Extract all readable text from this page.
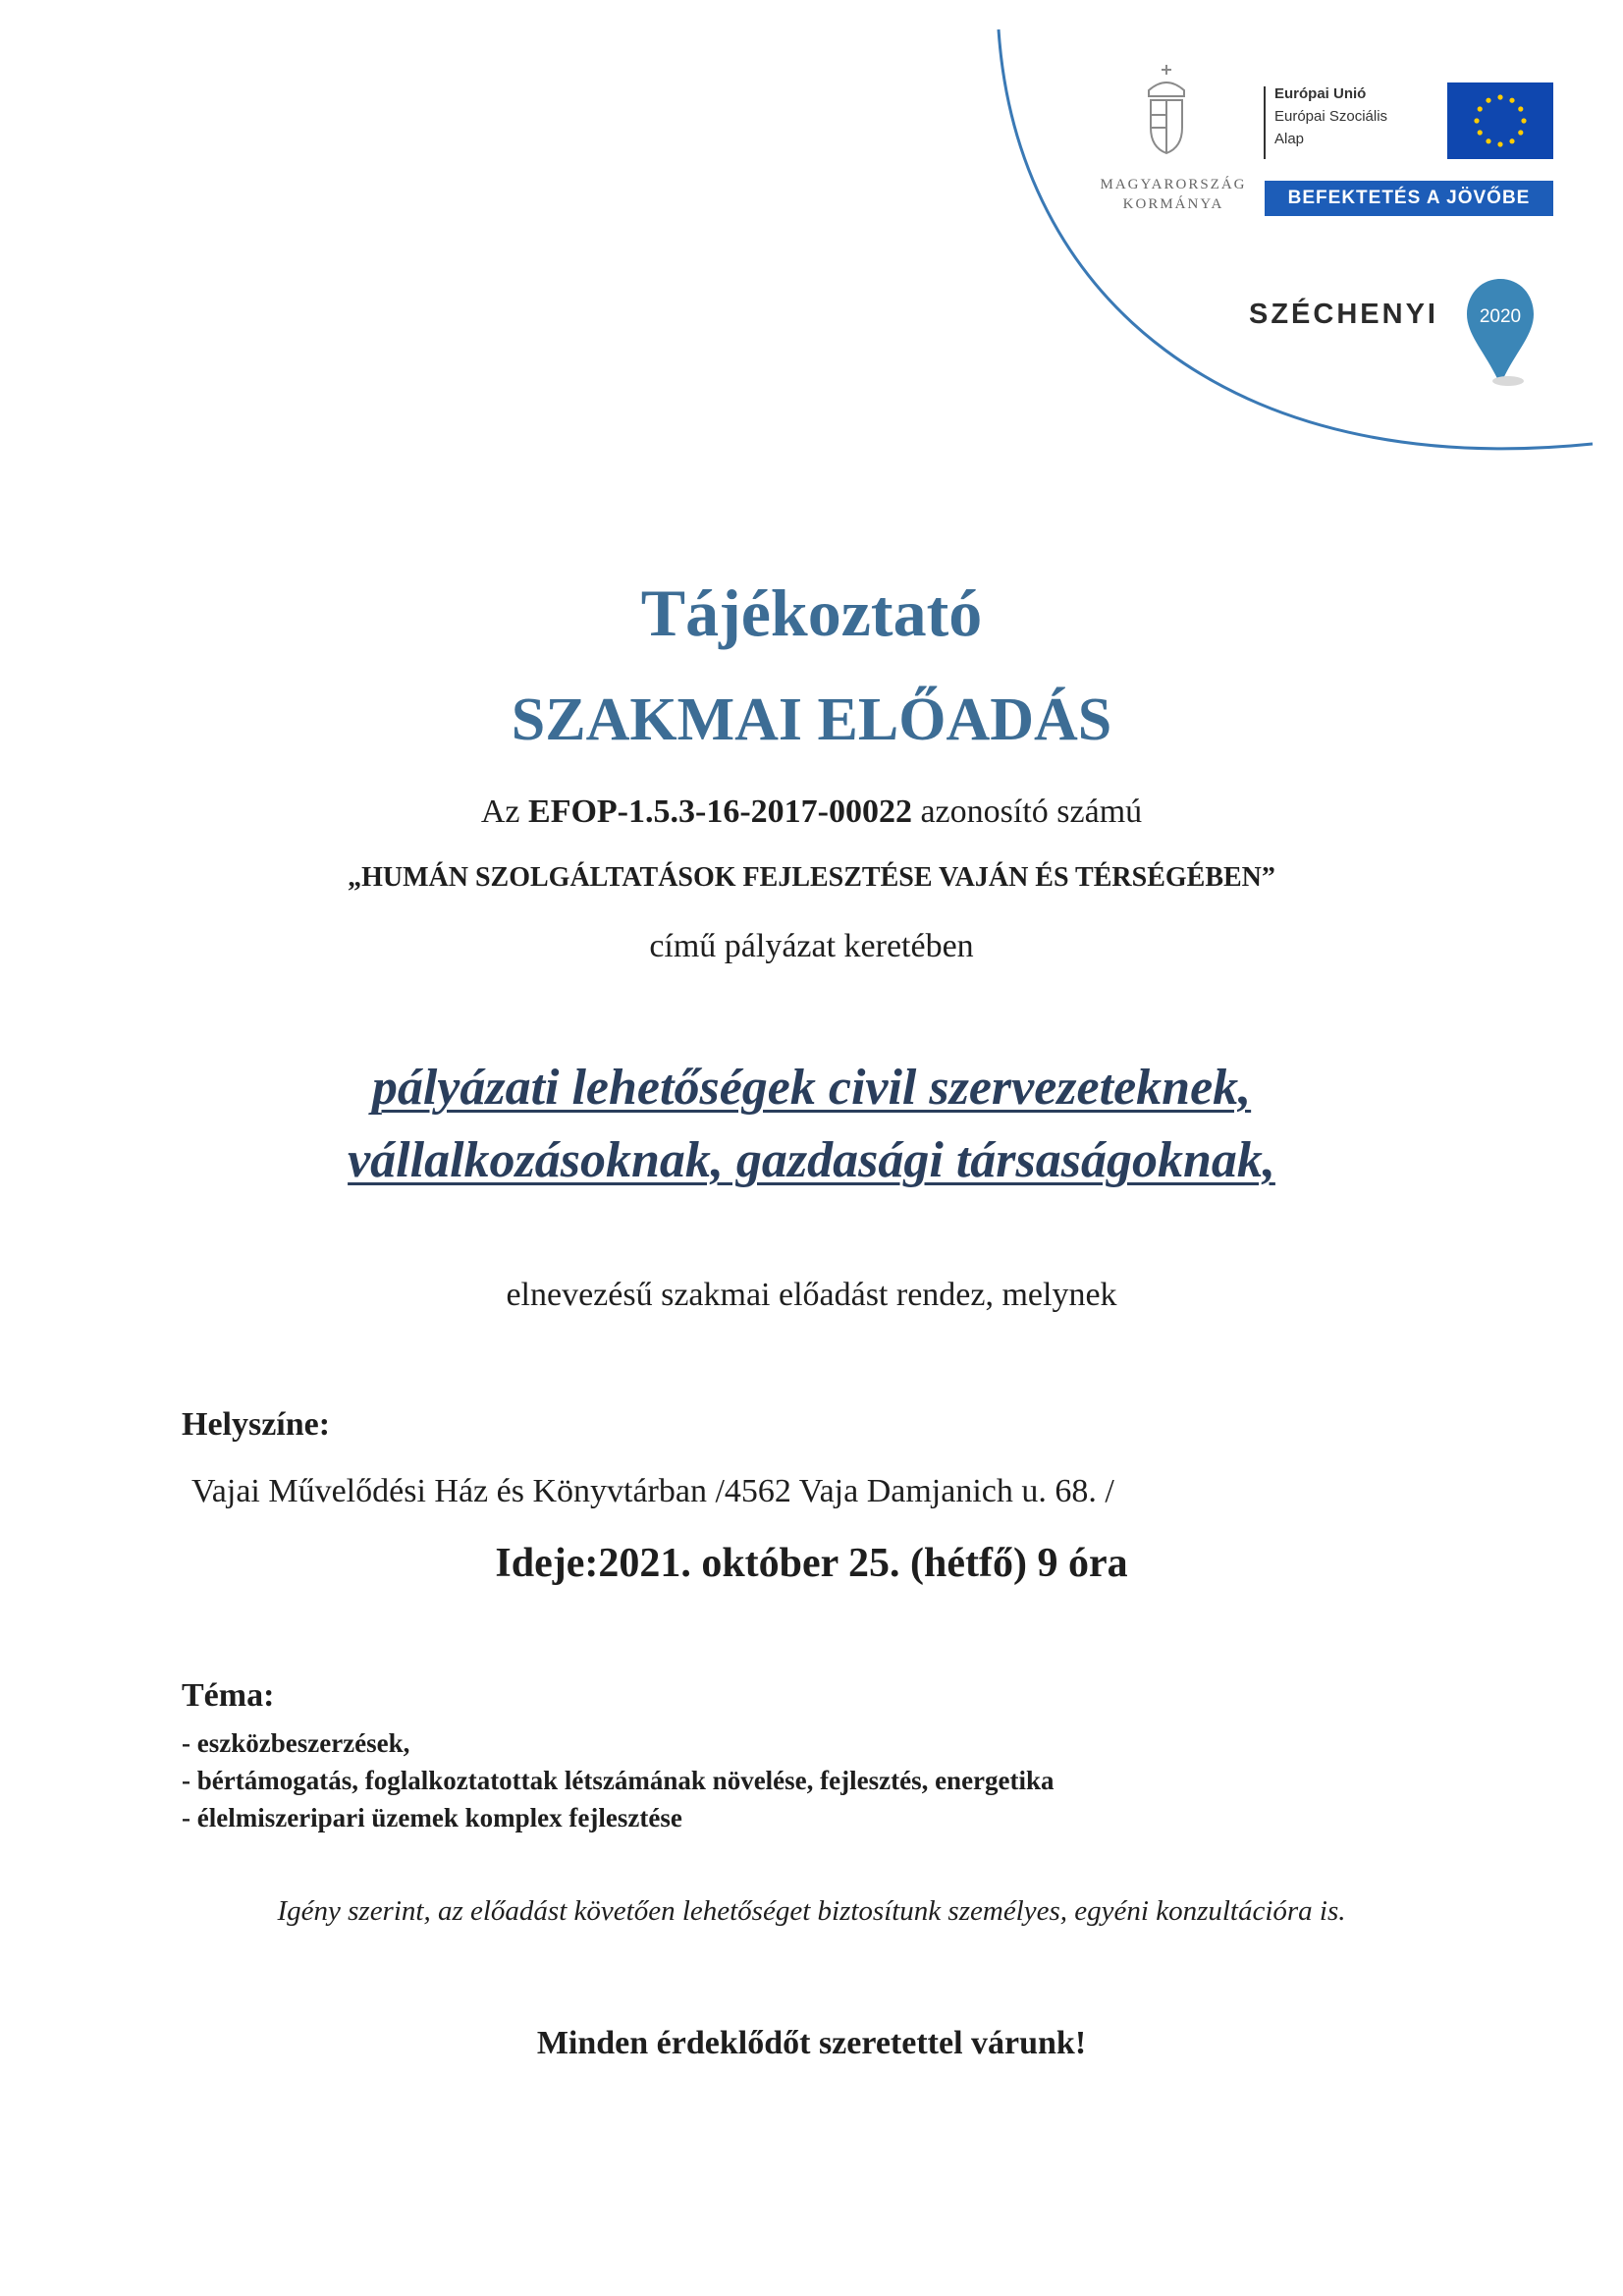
MAGYARORSZÁG
KORMÁNYA
Európai Unió
Európai Szociális
Alap
BEFEKTETÉS A JÖVŐBE
SZÉCHENYI 2020
Tájékoztató
SZAKMAI ELŐADÁS
Az EFOP-1.5.3-16-2017-00022 azonosító számú
„HUMÁN SZOLGÁLTATÁSOK FEJLESZTÉSE VAJÁN ÉS TÉRSÉGÉBEN”
című pályázat keretében
pályázati lehetőségek civil szervezeteknek,
vállalkozásoknak, gazdasági társaságoknak,
elnevezésű szakmai előadást rendez, melynek
Helyszíne:
Vajai Művelődési Ház és Könyvtárban /4562 Vaja Damjanich u. 68. /
Ideje:2021. október 25. (hétfő) 9 óra
Téma:
- eszközbeszerzések,
- bértámogatás, foglalkoztatottak létszámának növelése, fejlesztés, energetika
- élelmiszeripari üzemek komplex fejlesztése
Igény szerint, az előadást követően lehetőséget biztosítunk személyes, egyéni konzultációra is.
Minden érdeklődőt szeretettel várunk!
